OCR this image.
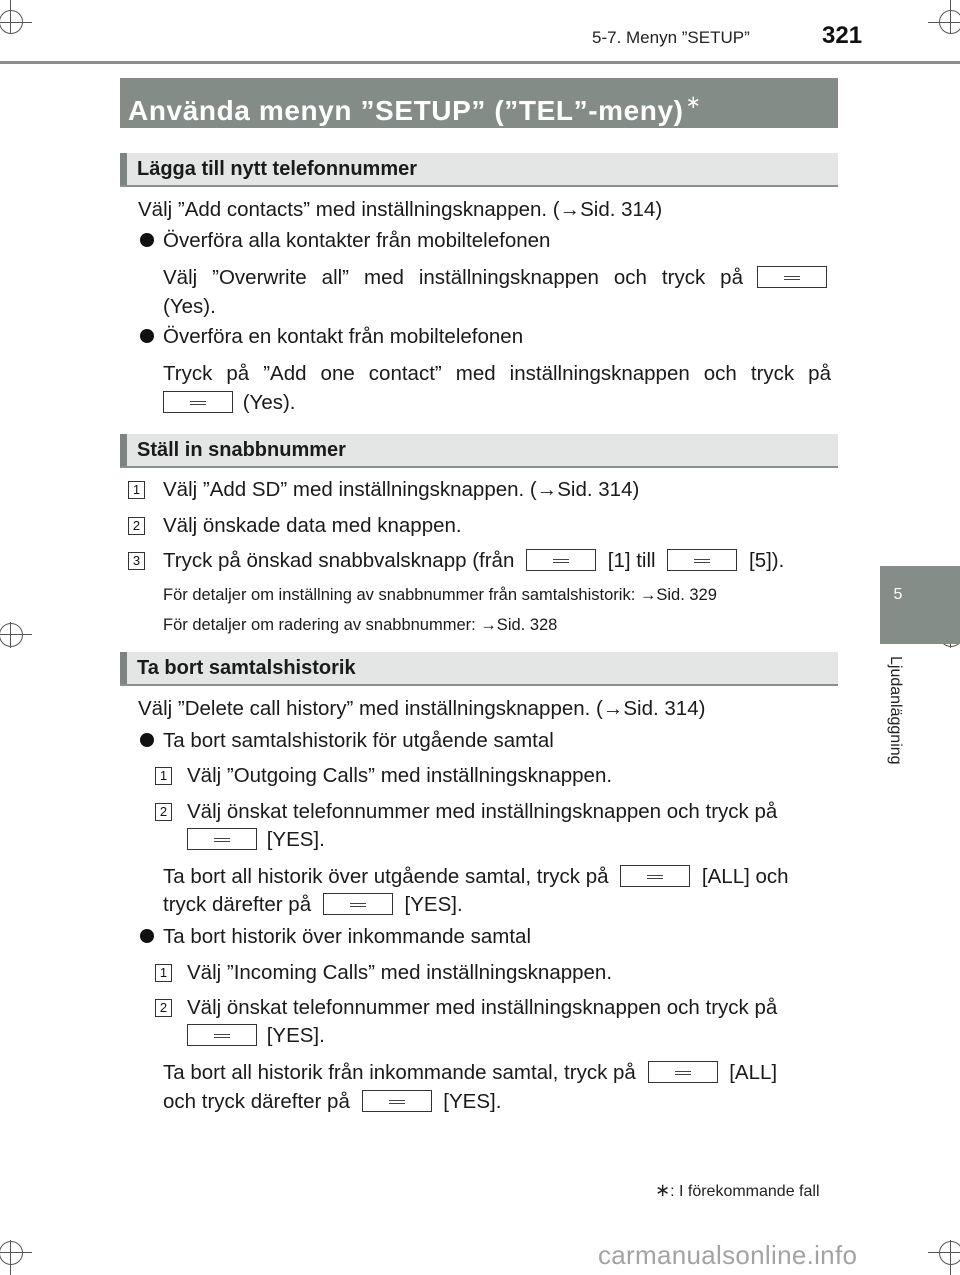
5-7. Menyn ”SETUP”	321
5
Ljudanläggning
Använda menyn ”SETUP” (”TEL”-meny) ∗
Lägga till nytt telefonnummer
Välj ”Add contacts” med inställningsknappen. (→Sid. 314)
Överföra alla kontakter från mobiltelefonen
Välj ”Overwrite all” med inställningsknappen och tryck på
(Yes).
Överföra en kontakt från mobiltelefonen
Tryck på ”Add one contact” med inställningsknappen och tryck på
(Yes).
Ställ in snabbnummer
1 Välj ”Add SD” med inställningsknappen. (→Sid. 314)
2 Välj önskade data med knappen.
3 Tryck på önskad snabbvalsknapp (från	[1] till	[5]).
För detaljer om inställning av snabbnummer från samtalshistorik: →Sid. 329
För detaljer om radering av snabbnummer: →Sid. 328
Ta bort samtalshistorik
Välj ”Delete call history” med inställningsknappen. (→Sid. 314)
Ta bort samtalshistorik för utgående samtal
1 Välj ”Outgoing Calls” med inställningsknappen.
2 Välj önskat telefonnummer med inställningsknappen och tryck på
[YES].
Ta bort all historik över utgående samtal, tryck på	[ALL] och
tryck därefter på	[YES].
Ta bort historik över inkommande samtal
1 Välj ”Incoming Calls” med inställningsknappen.
2 Välj önskat telefonnummer med inställningsknappen och tryck på
[YES].
Ta bort all historik från inkommande samtal, tryck på	[ALL]
och tryck därefter på	[YES].
∗: I förekommande fall
carmanualsonline.info
